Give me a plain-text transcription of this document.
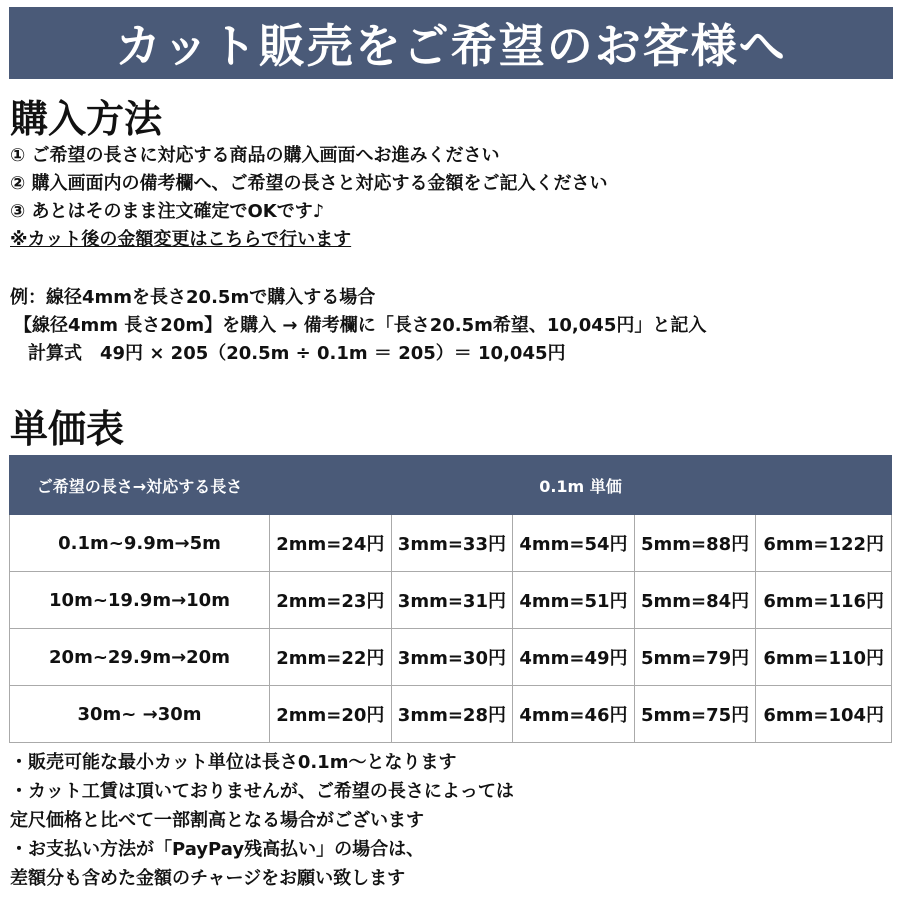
カット販売をご希望のお客様へ
購入方法
① ご希望の長さに対応する商品の購入画面へお進みください
② 購入画面内の備考欄へ、ご希望の長さと対応する金額をご記入ください
③ あとはそのまま注文確定でOKです♪
※カット後の金額変更はこちらで行います
例：線径4mmを長さ20.5mで購入する場合
【線径4mm 長さ20m】を購入 → 備考欄に「長さ20.5m希望、10,045円」と記入
計算式　49円 × 205（20.5m ÷ 0.1m ＝ 205）＝ 10,045円
単価表
ご希望の長さ→対応する長さ	0.1m 単価				
0.1m~9.9m→5m	2mm=24円	3mm=33円	4mm=54円	5mm=88円	6mm=122円
10m~19.9m→10m	2mm=23円	3mm=31円	4mm=51円	5mm=84円	6mm=116円
20m~29.9m→20m	2mm=22円	3mm=30円	4mm=49円	5mm=79円	6mm=110円
30m~ →30m	2mm=20円	3mm=28円	4mm=46円	5mm=75円	6mm=104円
・販売可能な最小カット単位は長さ0.1m〜となります
・カット工賃は頂いておりませんが、ご希望の長さによっては
定尺価格と比べて一部割高となる場合がございます
・お支払い方法が「PayPay残高払い」の場合は、
差額分も含めた金額のチャージをお願い致します
